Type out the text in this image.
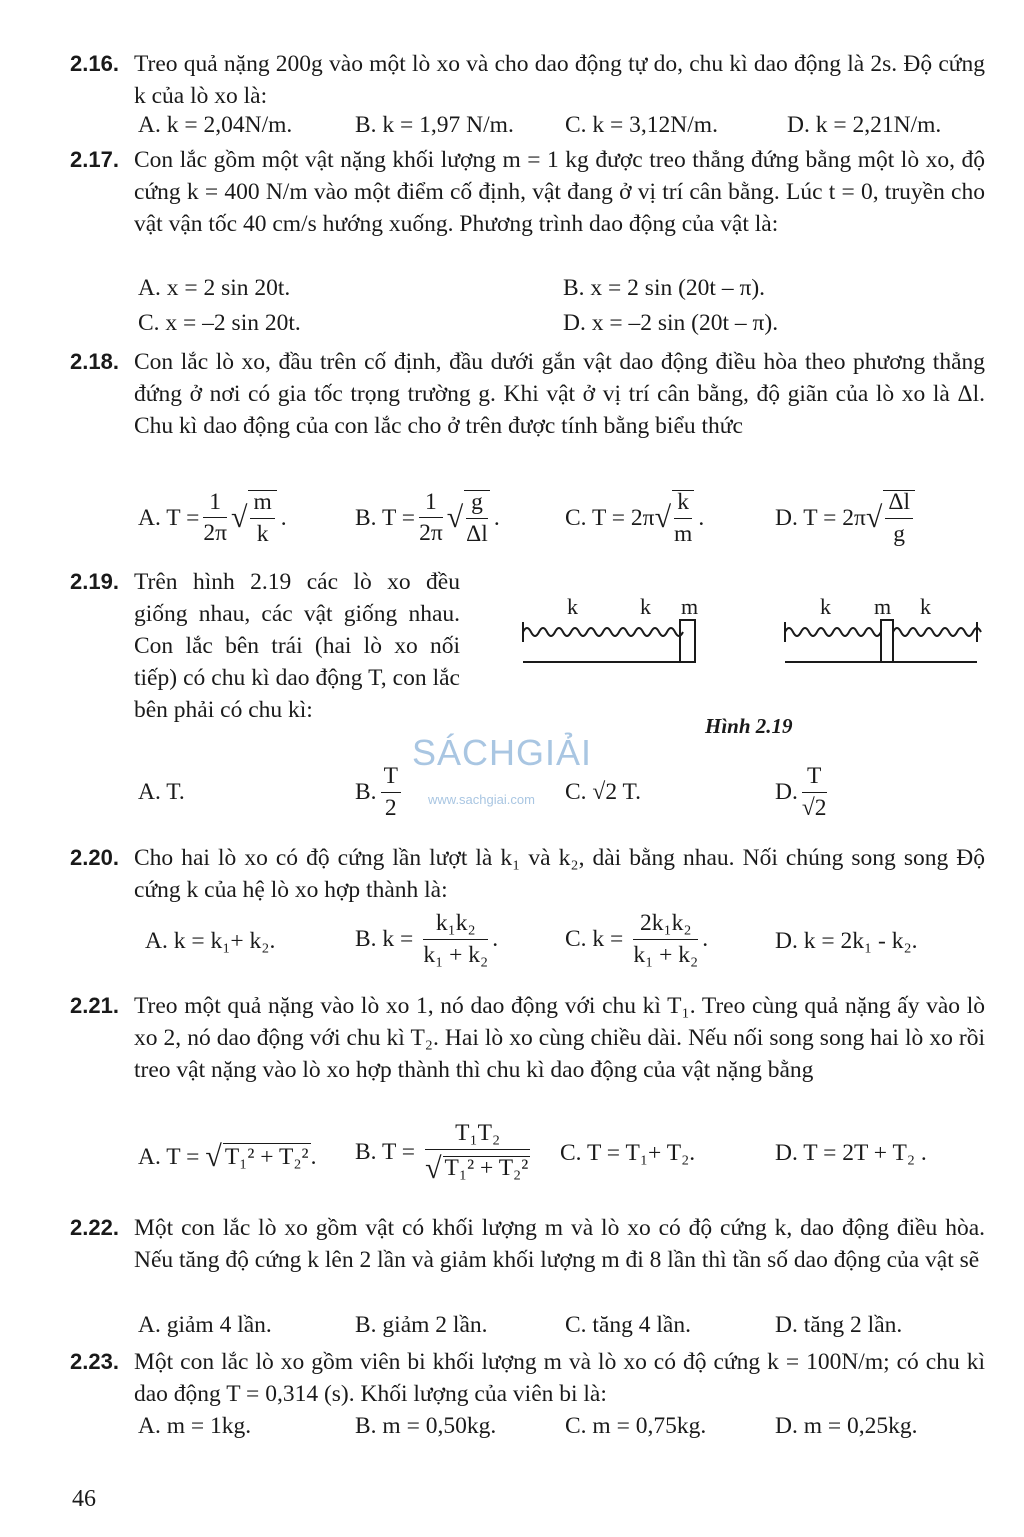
2.16. Treo quả nặng 200g vào một lò xo và cho dao động tự do, chu kì dao động là 2s. Độ cứng k của lò xo là:
A. k = 2,04N/m.	B. k = 1,97 N/m. C. k = 3,12N/m.	D. k = 2,21N/m.
2.17. Con lắc gồm một vật nặng khối lượng m = 1 kg được treo thẳng đứng bằng một lò xo, độ cứng k = 400 N/m vào một điểm cố định, vật đang ở vị trí cân bằng. Lúc t = 0, truyền cho vật vận tốc 40 cm/s hướng xuống. Phương trình dao động của vật là:
A. x = 2 sin 20t.	B. x = 2 sin (20t – π).
C. x = –2 sin 20t.	D. x = –2 sin (20t – π).
2.18. Con lắc lò xo, đầu trên cố định, đầu dưới gắn vật dao động điều hòa theo phương thẳng đứng ở nơi có gia tốc trọng trường g. Khi vật ở vị trí cân bằng, độ giãn của lò xo là Δl. Chu kì dao động của con lắc cho ở trên được tính bằng biểu thức
A. $T = \frac{1}{2\pi}$ √ $\frac{m}{k}$ .	B. $T = \frac{1}{2\pi}$ √ $\frac{g}{\Delta l}$ .	C. T = 2π √ $\frac{k}{m}$ .	D. T = 2π √ $\frac{\Delta l}{g}$
2.19. Trên hình 2.19 các lò xo đều giống nhau, các vật giống nhau. Con lắc bên trái (hai lò xo nối tiếp) có chu kì dao động T, con lắc bên phải có chu kì:
k	k m	k m k
Hình 2.19
SÁCHGIẢI
www.sachgiai.com
A. T.	B. $\frac{T}{2}$	C. √2 T.	D. $\frac{T}{√2}$
2.20. Cho hai lò xo có độ cứng lần lượt là k₁ và k₂, dài bằng nhau. Nối chúng song song Độ cứng k của hệ lò xo hợp thành là:
A. k = k₁+ k₂.	B. $k = \frac{\text{k₁k₂}}{\text{k₁ + k₂}}$ .	C. $k = \frac{\text{2k₁k₂}}{\text{k₁ + k₂}}$ .	D. k = 2k₁ - k₂.
2.21. Treo một quả nặng vào lò xo 1, nó dao động với chu kì T₁. Treo cùng quả nặng ấy vào lò xo 2, nó dao động với chu kì T₂. Hai lò xo cùng chiều dài. Nếu nối song song hai lò xo rồi treo vật nặng vào lò xo hợp thành thì chu kì dao động của vật nặng bằng
A. T = √ T₁² + T₂² . B. $T = \frac{\text{T₁T₂}}{\text{√ T₁² + T₂²}} C$. T = T₁+ T₂.	D. T = 2T + T₂ .
2.22. Một con lắc lò xo gồm vật có khối lượng m và lò xo có độ cứng k, dao động điều hòa. Nếu tăng độ cứng k lên 2 lần và giảm khối lượng m đi 8 lần thì tần số dao động của vật sẽ
A. giảm 4 lần.	B. giảm 2 lần.	C. tăng 4 lần.	D. tăng 2 lần.
2.23. Một con lắc lò xo gồm viên bi khối lượng m và lò xo có độ cứng k = 100N/m; có chu kì dao động T = 0,314 (s). Khối lượng của viên bi là:
A. m = 1kg.	B. m = 0,50kg.	C. m = 0,75kg.	D. m = 0,25kg.
46
